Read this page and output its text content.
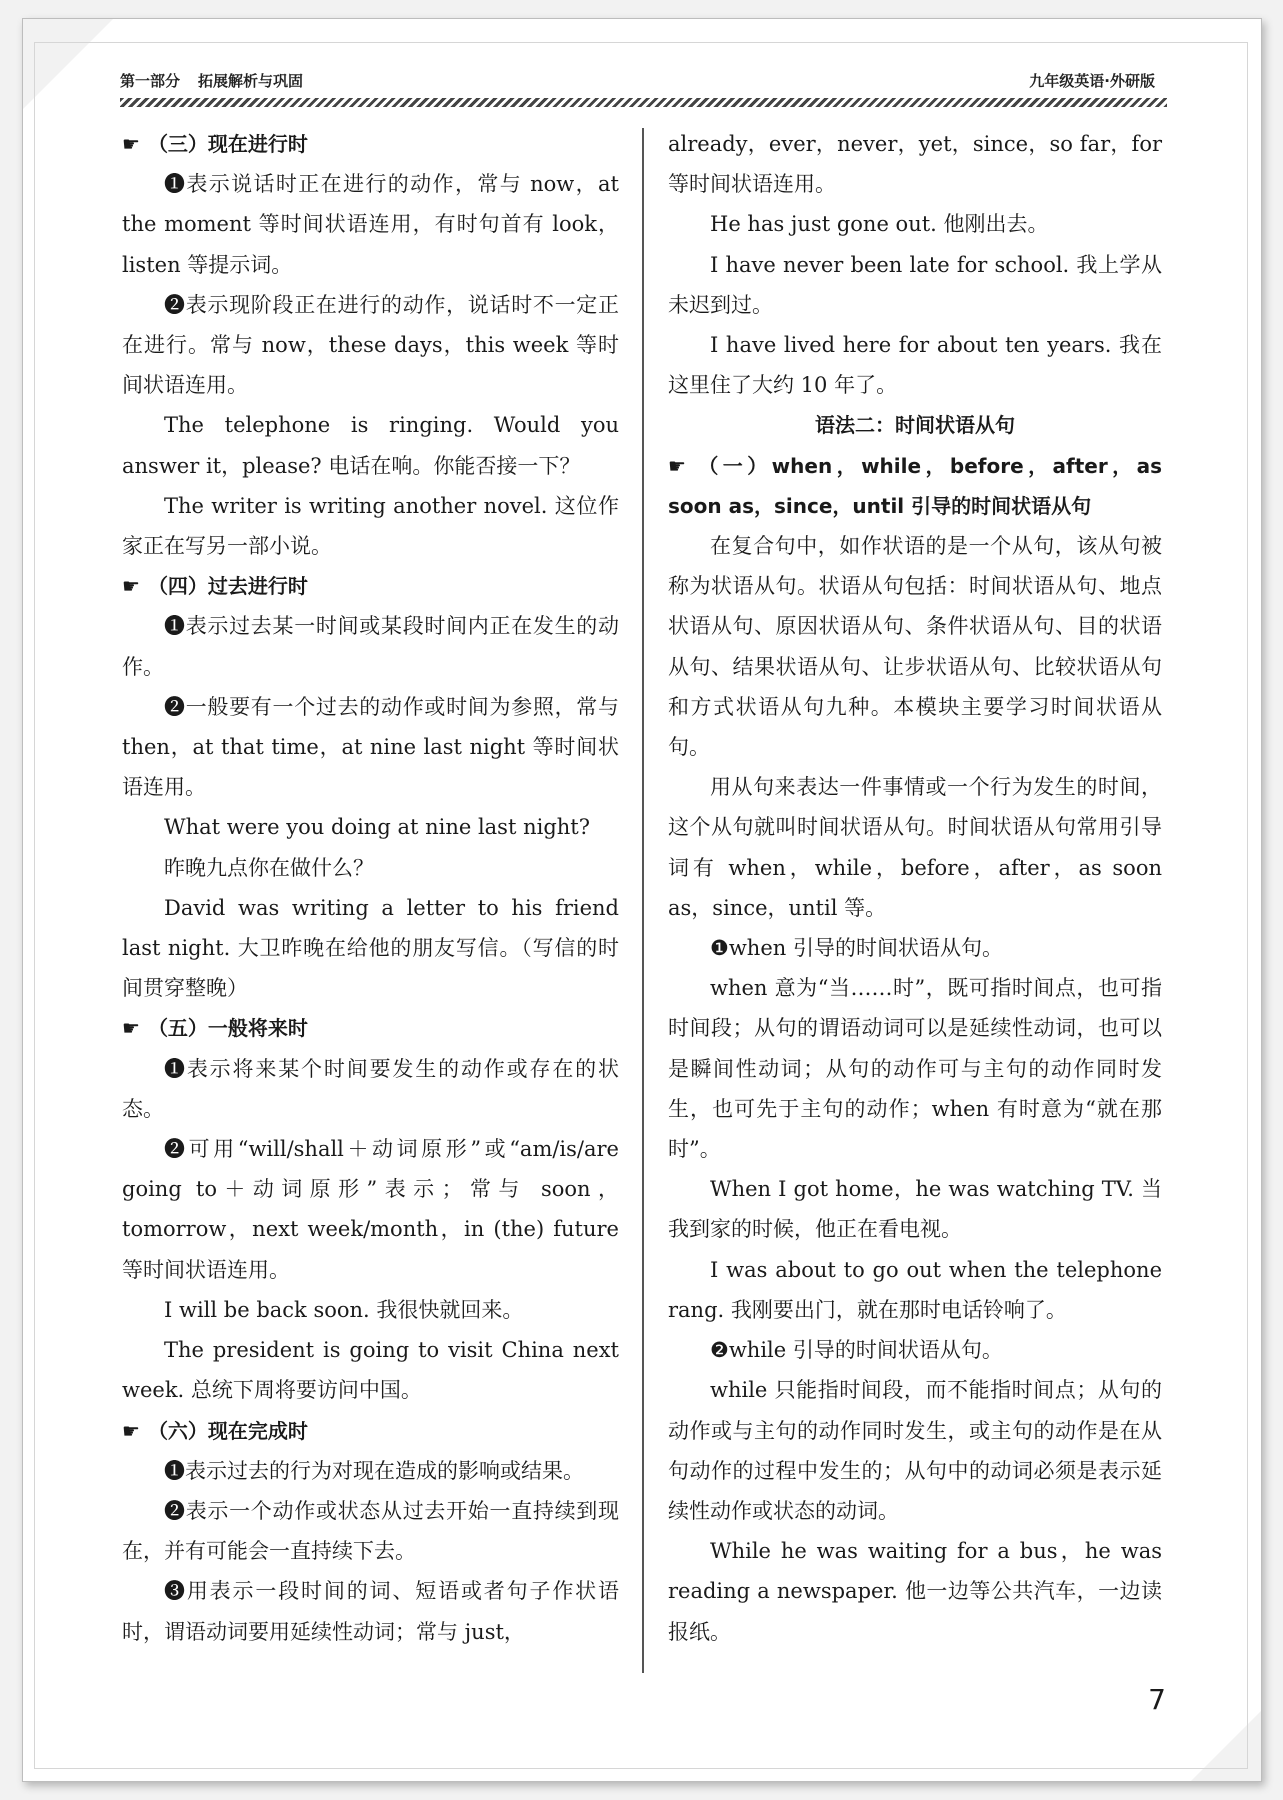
第一部分 拓展解析与巩固	九年级英语·外研版

☛ （三）现在进行时

❶表示说话时正在进行的动作，常与 now，at the moment 等时间状语连用，有时句首有 look，listen 等提示词。

❷表示现阶段正在进行的动作，说话时不一定正在进行。常与 now，these days，this week 等时间状语连用。

The telephone is ringing. Would you answer it，please? 电话在响。你能否接一下？

The writer is writing another novel. 这位作家正在写另一部小说。

☛ （四）过去进行时

❶表示过去某一时间或某段时间内正在发生的动作。

❷一般要有一个过去的动作或时间为参照，常与 then，at that time，at nine last night 等时间状语连用。

What were you doing at nine last night?

昨晚九点你在做什么？

David was writing a letter to his friend last night. 大卫昨晚在给他的朋友写信。（写信的时间贯穿整晚）

☛ （五）一般将来时

❶表示将来某个时间要发生的动作或存在的状态。

❷可用“will/shall＋动词原形”或“am/is/are going to＋动词原形”表示；常与 soon，tomorrow，next week/month，in (the) future 等时间状语连用。

I will be back soon. 我很快就回来。

The president is going to visit China next week. 总统下周将要访问中国。

☛ （六）现在完成时

❶表示过去的行为对现在造成的影响或结果。

❷表示一个动作或状态从过去开始一直持续到现在，并有可能会一直持续下去。

❸用表示一段时间的词、短语或者句子作状语时，谓语动词要用延续性动词；常与 just，

already，ever，never，yet，since，so far，for 等时间状语连用。

He has just gone out. 他刚出去。

I have never been late for school. 我上学从未迟到过。

I have lived here for about ten years. 我在这里住了大约 10 年了。

语法二：时间状语从句

☛ （一）when，while，before，after，as soon as，since，until 引导的时间状语从句

在复合句中，如作状语的是一个从句，该从句被称为状语从句。状语从句包括：时间状语从句、地点状语从句、原因状语从句、条件状语从句、目的状语从句、结果状语从句、让步状语从句、比较状语从句和方式状语从句九种。本模块主要学习时间状语从句。

用从句来表达一件事情或一个行为发生的时间，这个从句就叫时间状语从句。时间状语从句常用引导词有 when，while，before，after，as soon as，since，until 等。

❶when 引导的时间状语从句。

when 意为“当……时”，既可指时间点，也可指时间段；从句的谓语动词可以是延续性动词，也可以是瞬间性动词；从句的动作可与主句的动作同时发生，也可先于主句的动作；when 有时意为“就在那时”。

When I got home，he was watching TV. 当我到家的时候，他正在看电视。

I was about to go out when the telephone rang. 我刚要出门，就在那时电话铃响了。

❷while 引导的时间状语从句。

while 只能指时间段，而不能指时间点；从句的动作或与主句的动作同时发生，或主句的动作是在从句动作的过程中发生的；从句中的动词必须是表示延续性动作或状态的动词。

While he was waiting for a bus，he was reading a newspaper. 他一边等公共汽车，一边读报纸。

7
